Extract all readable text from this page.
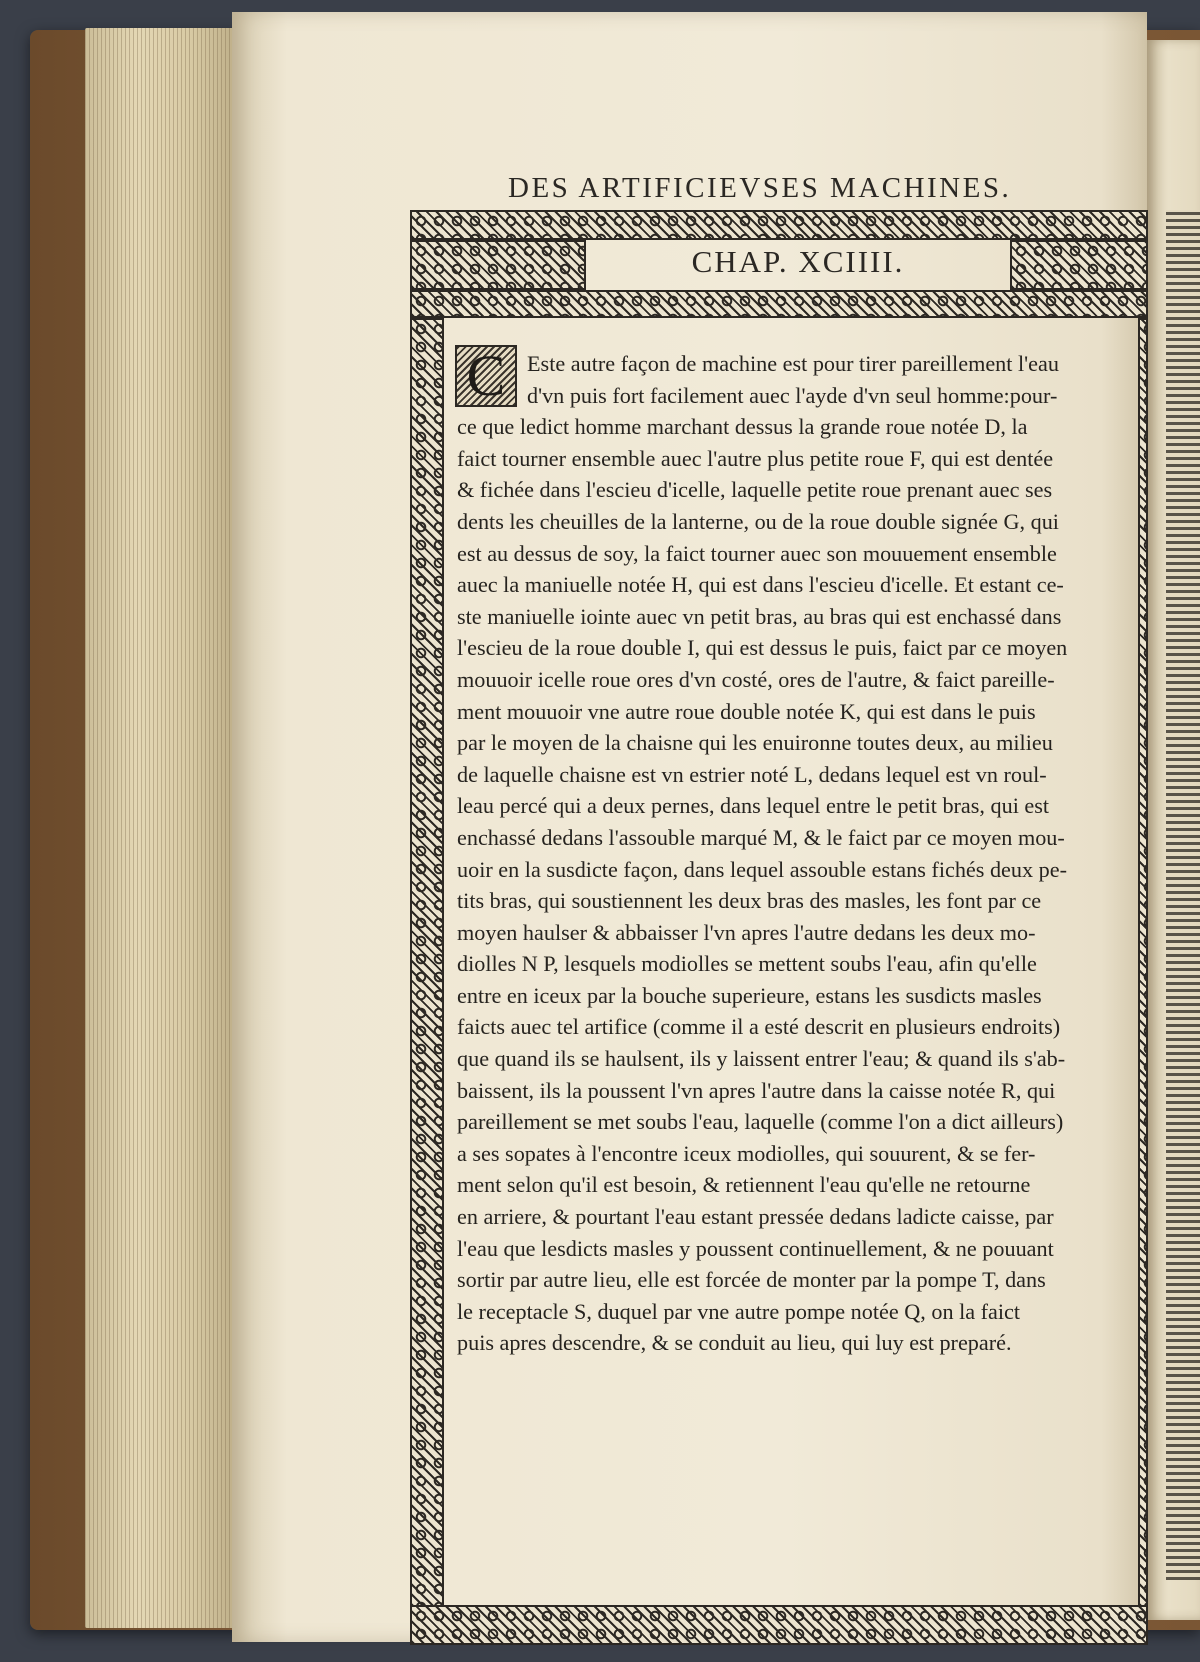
DES ARTIFICIEVSES MACHINES.
CHAP. XCIIII.
Este autre façon de machine est pour tirer pareillement l'eau
d'vn puis fort facilement auec l'ayde d'vn seul homme:pour-
ce que ledict homme marchant dessus la grande roue notée D, la
faict tourner ensemble auec l'autre plus petite roue F, qui est dentée
& fichée dans l'escieu d'icelle, laquelle petite roue prenant auec ses
dents les cheuilles de la lanterne, ou de la roue double signée G, qui
est au dessus de soy, la faict tourner auec son mouuement ensemble
auec la maniuelle notée H, qui est dans l'escieu d'icelle. Et estant ce-
ste maniuelle iointe auec vn petit bras, au bras qui est enchassé dans
l'escieu de la roue double I, qui est dessus le puis, faict par ce moyen
mouuoir icelle roue ores d'vn costé, ores de l'autre, & faict pareille-
ment mouuoir vne autre roue double notée K, qui est dans le puis
par le moyen de la chaisne qui les enuironne toutes deux, au milieu
de laquelle chaisne est vn estrier noté L, dedans lequel est vn roul-
leau percé qui a deux pernes, dans lequel entre le petit bras, qui est
enchassé dedans l'assouble marqué M, & le faict par ce moyen mou-
uoir en la susdicte façon, dans lequel assouble estans fichés deux pe-
tits bras, qui soustiennent les deux bras des masles, les font par ce
moyen haulser & abbaisser l'vn apres l'autre dedans les deux mo-
diolles N P, lesquels modiolles se mettent soubs l'eau, afin qu'elle
entre en iceux par la bouche superieure, estans les susdicts masles
faicts auec tel artifice (comme il a esté descrit en plusieurs endroits)
que quand ils se haulsent, ils y laissent entrer l'eau; & quand ils s'ab-
baissent, ils la poussent l'vn apres l'autre dans la caisse notée R, qui
pareillement se met soubs l'eau, laquelle (comme l'on a dict ailleurs)
a ses sopates à l'encontre iceux modiolles, qui souurent, & se fer-
ment selon qu'il est besoin, & retiennent l'eau qu'elle ne retourne
en arriere, & pourtant l'eau estant pressée dedans ladicte caisse, par
l'eau que lesdicts masles y poussent continuellement, & ne pouuant
sortir par autre lieu, elle est forcée de monter par la pompe T, dans
le receptacle S, duquel par vne autre pompe notée Q, on la faict
puis apres descendre, & se conduit au lieu, qui luy est preparé.
C
